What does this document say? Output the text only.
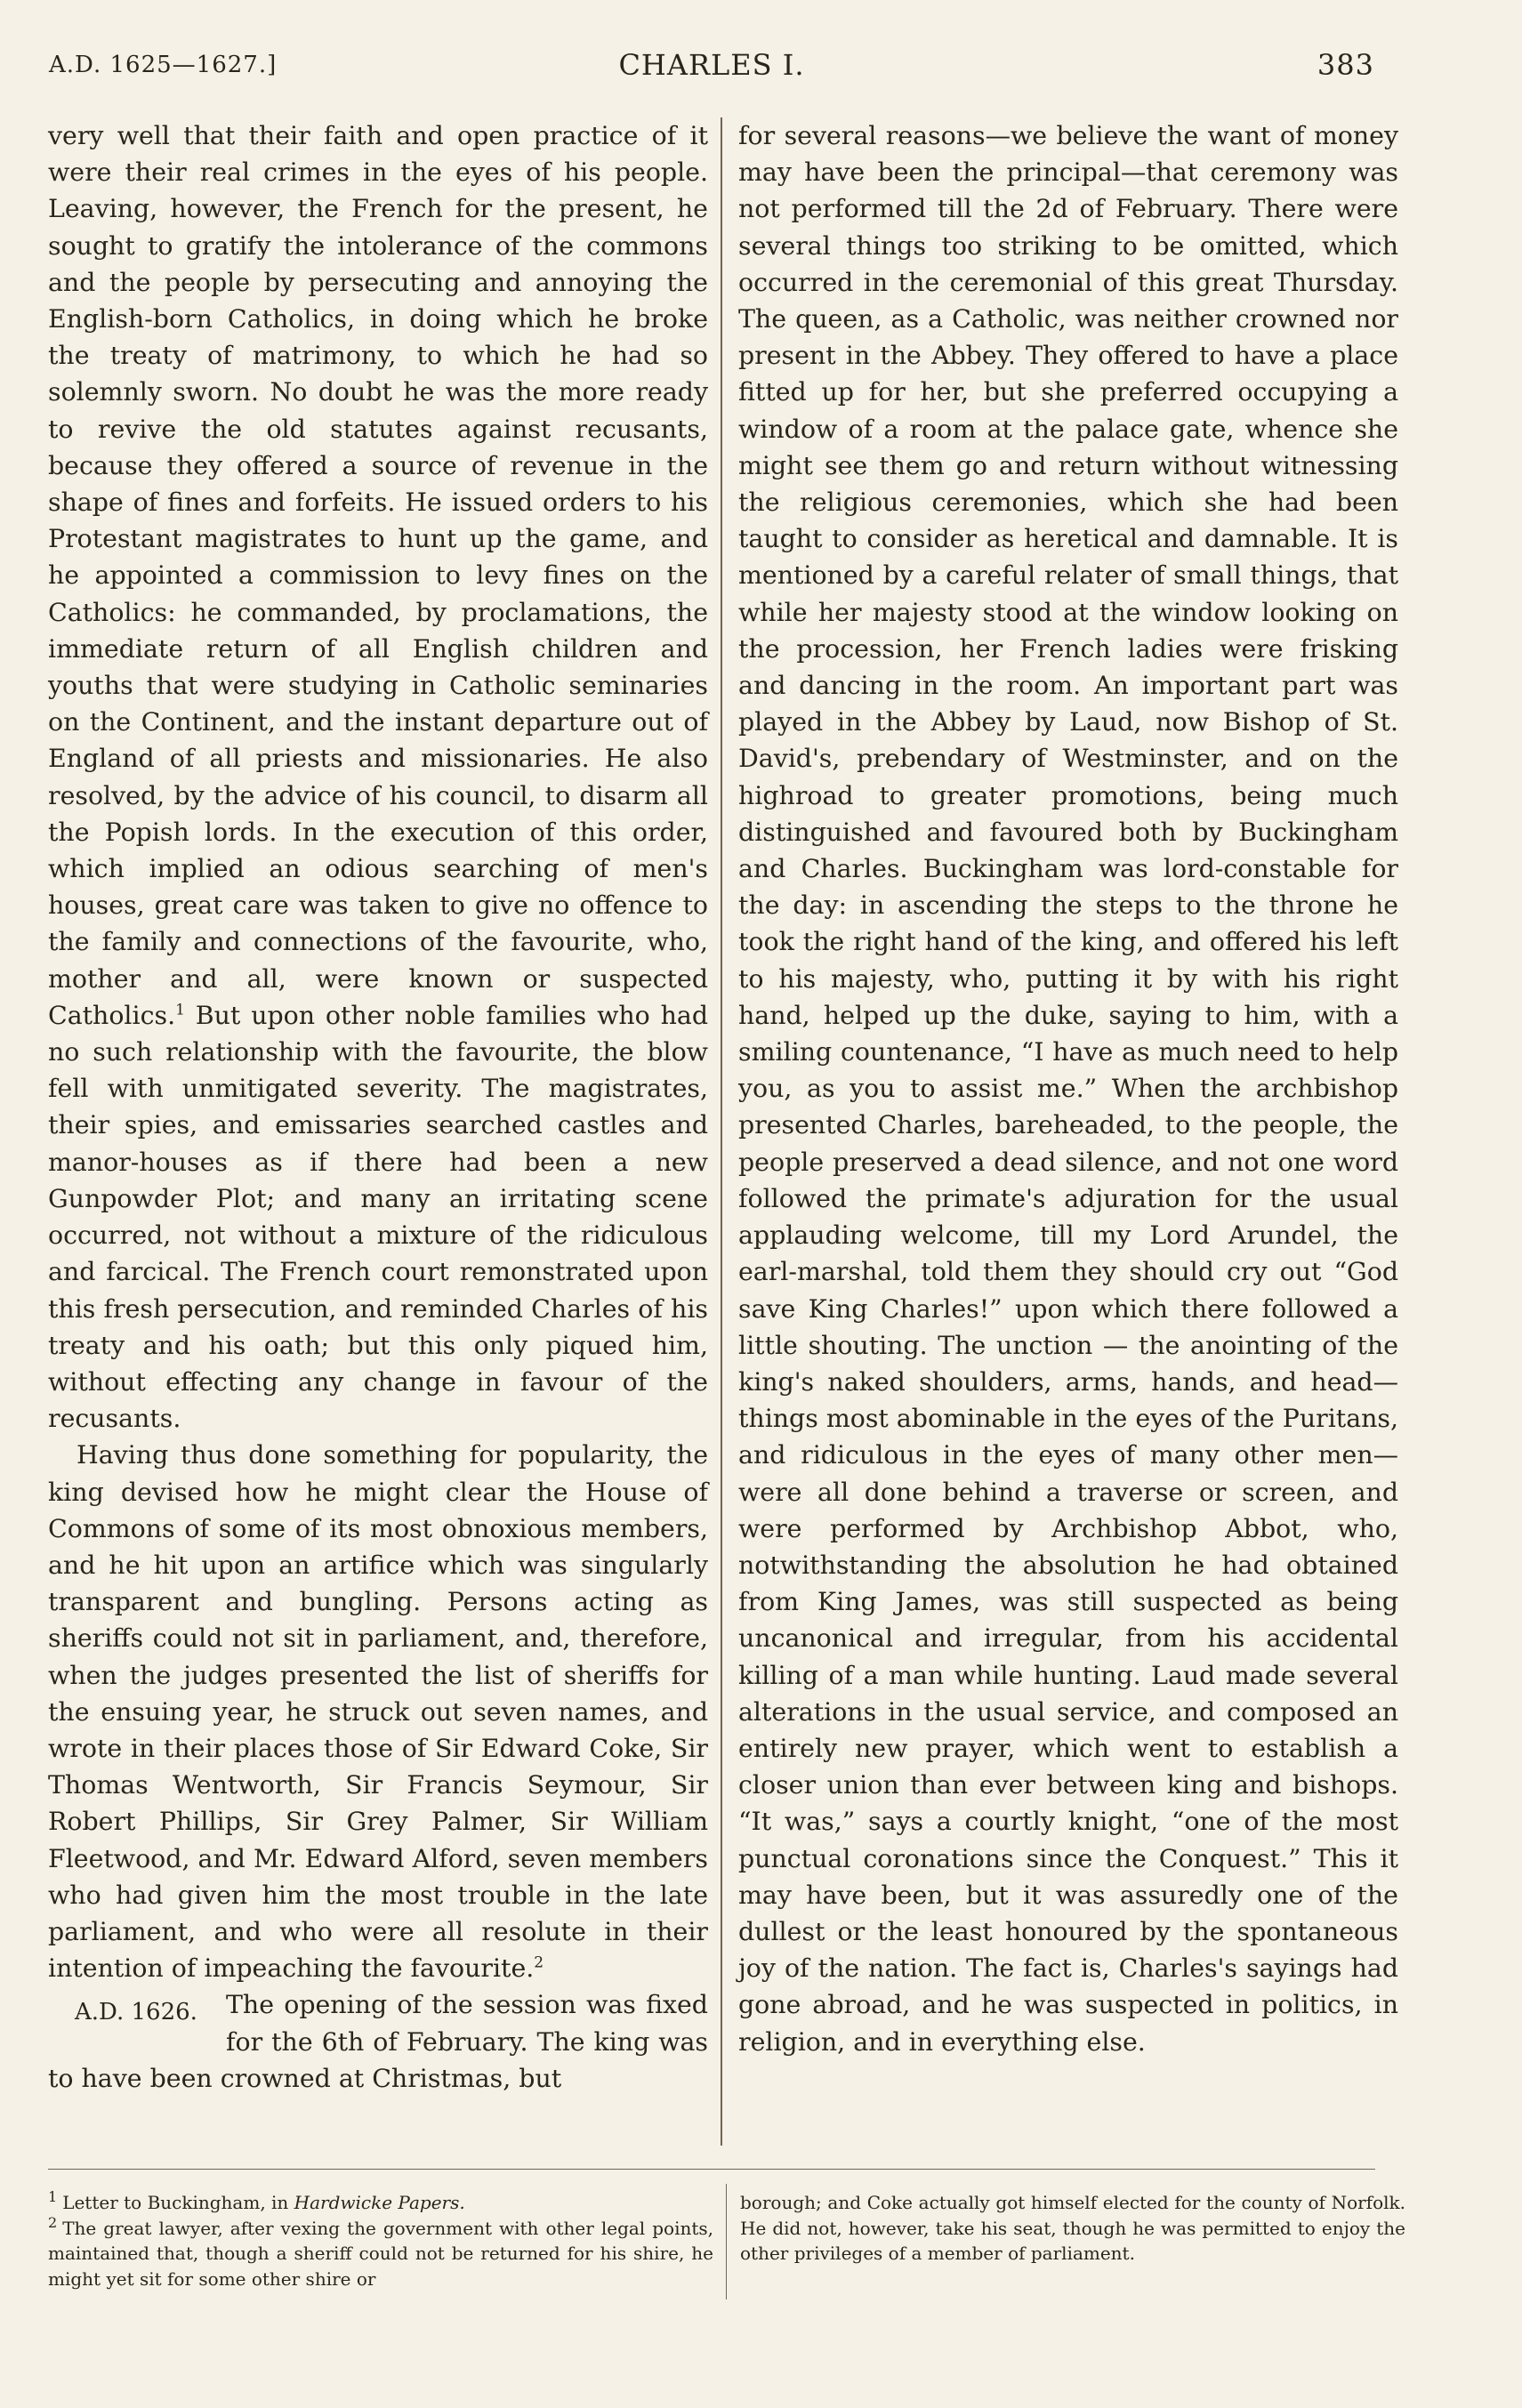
A.D. 1625—1627.]	CHARLES I.	383

very well that their faith and open practice of it were their real crimes in the eyes of his people. Leaving, however, the French for the present, he sought to gratify the intolerance of the commons and the people by persecuting and annoying the English-born Catholics, in doing which he broke the treaty of matrimony, to which he had so solemnly sworn. No doubt he was the more ready to revive the old statutes against recusants, because they offered a source of revenue in the shape of fines and forfeits. He issued orders to his Protestant magistrates to hunt up the game, and he appointed a commission to levy fines on the Catholics: he commanded, by proclamations, the immediate return of all English children and youths that were studying in Catholic seminaries on the Continent, and the instant departure out of England of all priests and missionaries. He also resolved, by the advice of his council, to disarm all the Popish lords. In the execution of this order, which implied an odious searching of men's houses, great care was taken to give no offence to the family and connections of the favourite, who, mother and all, were known or suspected Catholics.$^1$ But upon other noble families who had no such relationship with the favourite, the blow fell with unmitigated severity. The magistrates, their spies, and emissaries searched castles and manor-houses as if there had been a new Gunpowder Plot; and many an irritating scene occurred, not without a mixture of the ridiculous and farcical. The French court remonstrated upon this fresh persecution, and reminded Charles of his treaty and his oath; but this only piqued him, without effecting any change in favour of the recusants.

Having thus done something for popularity, the king devised how he might clear the House of Commons of some of its most obnoxious members, and he hit upon an artifice which was singularly transparent and bungling. Persons acting as sheriffs could not sit in parliament, and, therefore, when the judges presented the list of sheriffs for the ensuing year, he struck out seven names, and wrote in their places those of Sir Edward Coke, Sir Thomas Wentworth, Sir Francis Seymour, Sir Robert Phillips, Sir Grey Palmer, Sir William Fleetwood, and Mr. Edward Alford, seven members who had given him the most trouble in the late parliament, and who were all resolute in their intention of impeaching the favourite.$^2$

A.D. 1626.	The opening of the session was fixed for the 6th of February. The king was to have been crowned at Christmas, but

for several reasons—we believe the want of money may have been the principal—that ceremony was not performed till the 2d of February. There were several things too striking to be omitted, which occurred in the ceremonial of this great Thursday. The queen, as a Catholic, was neither crowned nor present in the Abbey. They offered to have a place fitted up for her, but she preferred occupying a window of a room at the palace gate, whence she might see them go and return without witnessing the religious ceremonies, which she had been taught to consider as heretical and damnable. It is mentioned by a careful relater of small things, that while her majesty stood at the window looking on the procession, her French ladies were frisking and dancing in the room. An important part was played in the Abbey by Laud, now Bishop of St. David's, prebendary of Westminster, and on the highroad to greater promotions, being much distinguished and favoured both by Buckingham and Charles. Buckingham was lord-constable for the day: in ascending the steps to the throne he took the right hand of the king, and offered his left to his majesty, who, putting it by with his right hand, helped up the duke, saying to him, with a smiling countenance, “I have as much need to help you, as you to assist me.” When the archbishop presented Charles, bareheaded, to the people, the people preserved a dead silence, and not one word followed the primate's adjuration for the usual applauding welcome, till my Lord Arundel, the earl-marshal, told them they should cry out “God save King Charles!” upon which there followed a little shouting. The unction — the anointing of the king's naked shoulders, arms, hands, and head—things most abominable in the eyes of the Puritans, and ridiculous in the eyes of many other men—were all done behind a traverse or screen, and were performed by Archbishop Abbot, who, notwithstanding the absolution he had obtained from King James, was still suspected as being uncanonical and irregular, from his accidental killing of a man while hunting. Laud made several alterations in the usual service, and composed an entirely new prayer, which went to establish a closer union than ever between king and bishops. “It was,” says a courtly knight, “one of the most punctual coronations since the Conquest.” This it may have been, but it was assuredly one of the dullest or the least honoured by the spontaneous joy of the nation. The fact is, Charles's sayings had gone abroad, and he was suspected in politics, in religion, and in everything else.

$^1$ Letter to Buckingham, in Hardwicke Papers.

$^2$ The great lawyer, after vexing the government with other legal points, maintained that, though a sheriff could not be returned for his shire, he might yet sit for some other shire or

borough; and Coke actually got himself elected for the county of Norfolk. He did not, however, take his seat, though he was permitted to enjoy the other privileges of a member of parliament.
